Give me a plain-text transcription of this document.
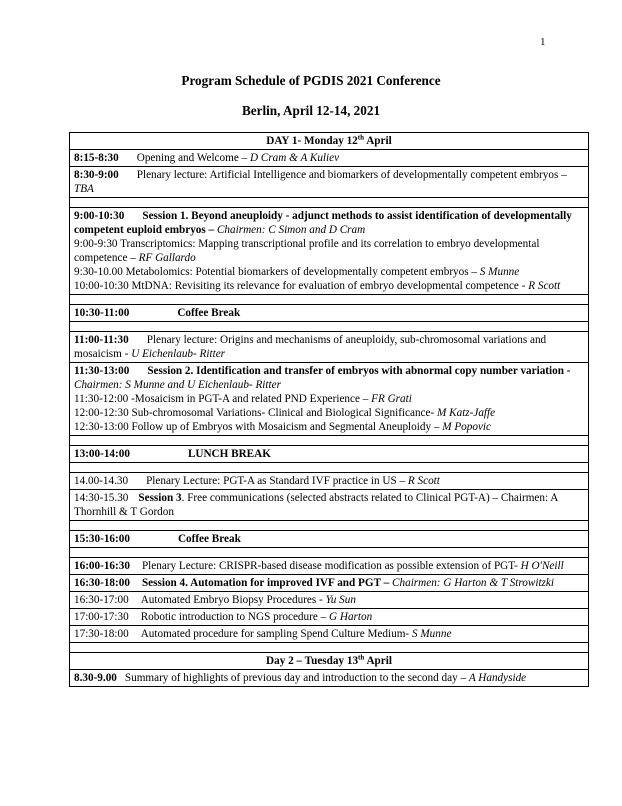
1
Program Schedule of PGDIS 2021 Conference
Berlin, April 12-14, 2021
DAY 1- Monday 12th April
8:15-8:30 Opening and Welcome – D Cram & A Kuliev
8:30-9:00 Plenary lecture: Artificial Intelligence and biomarkers of developmentally competent embryos – TBA
9:00-10:30 Session 1. Beyond aneuploidy - adjunct methods to assist identification of developmentally competent euploid embryos – Chairmen: C Simon and D Cram
9:00-9:30 Transcriptomics: Mapping transcriptional profile and its correlation to embryo developmental competence – RF Gallardo
9:30-10.00 Metabolomics: Potential biomarkers of developmentally competent embryos – S Munne
10:00-10:30 MtDNA: Revisiting its relevance for evaluation of embryo developmental competence - R Scott
10:30-11:00	Coffee Break
11:00-11:30 Plenary lecture: Origins and mechanisms of aneuploidy, sub-chromosomal variations and mosaicism - U Eichenlaub- Ritter
11:30-13:00 Session 2. Identification and transfer of embryos with abnormal copy number variation - Chairmen: S Munne and U Eichenlaub- Ritter
11:30-12:00 -Mosaicism in PGT-A and related PND Experience – FR Grati
12:00-12:30 Sub-chromosomal Variations- Clinical and Biological Significance- M Katz-Jaffe
12:30-13:00 Follow up of Embryos with Mosaicism and Segmental Aneuploidy – M Popovic
13:00-14:00	LUNCH BREAK
14.00-14.30 Plenary Lecture: PGT-A as Standard IVF practice in US – R Scott
14:30-15.30 Session 3. Free communications (selected abstracts related to Clinical PGT-A) – Chairmen: A Thornhill & T Gordon
15:30-16:00	Coffee Break
16:00-16:30 Plenary Lecture: CRISPR-based disease modification as possible extension of PGT- H O'Neill
16:30-18:00 Session 4. Automation for improved IVF and PGT – Chairmen: G Harton & T Strowitzki
16:30-17:00 Automated Embryo Biopsy Procedures - Yu Sun
17:00-17:30 Robotic introduction to NGS procedure – G Harton
17:30-18:00 Automated procedure for sampling Spend Culture Medium- S Munne
Day 2 – Tuesday 13th April
8.30-9.00 Summary of highlights of previous day and introduction to the second day – A Handyside
